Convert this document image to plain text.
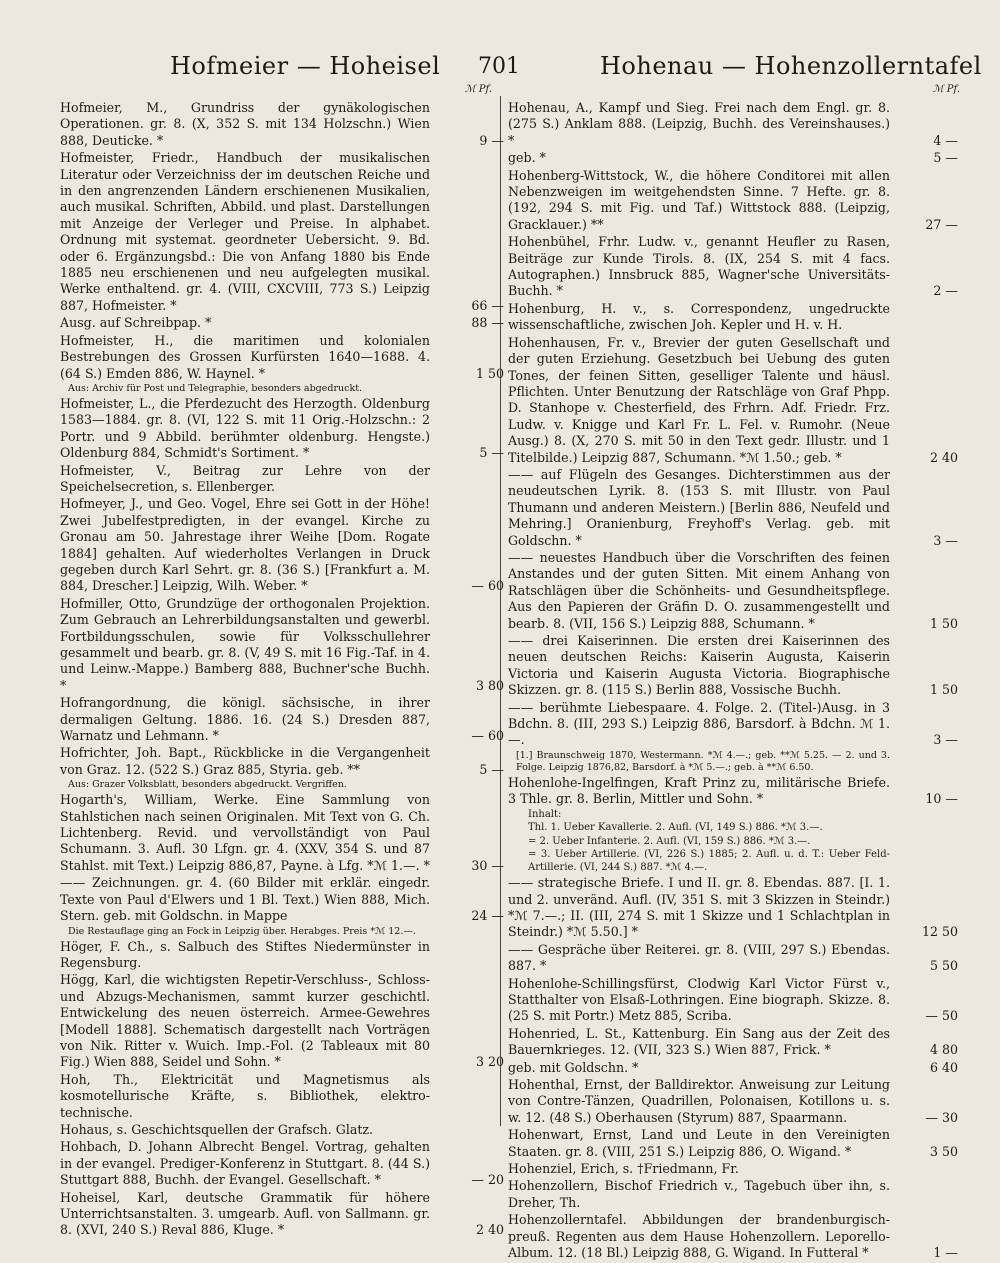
Hofmeier — Hoheisel 701	Hohenau — Hohenzollerntafel
ℳ Pf.
Hofmeier, M., Grundriss der gynäkologischen Operationen. gr. 8. (X, 352 S. mit 134 Holzschn.) Wien 888, Deuticke. *	9 —
Hofmeister, Friedr., Handbuch der musikalischen Literatur oder Verzeichniss der im deutschen Reiche und in den angrenzenden Ländern erschienenen Musikalien, auch musikal. Schriften, Abbild. und plast. Darstellungen mit Anzeige der Verleger und Preise. In alphabet. Ordnung mit systemat. geordneter Uebersicht. 9. Bd. oder 6. Ergänzungsbd.: Die von Anfang 1880 bis Ende 1885 neu erschienenen und neu aufgelegten musikal. Werke enthaltend. gr. 4. (VIII, CXCVIII, 773 S.) Leipzig 887, Hofmeister. *	66 —
Ausg. auf Schreibpap. *	88 —
Hofmeister, H., die maritimen und kolonialen Bestrebungen des Grossen Kurfürsten 1640—1688. 4. (64 S.) Emden 886, W. Haynel. *	1 50
Aus: Archiv für Post und Telegraphie, besonders abgedruckt.
Hofmeister, L., die Pferdezucht des Herzogth. Oldenburg 1583—1884. gr. 8. (VI, 122 S. mit 11 Orig.-Holzschn.: 2 Portr. und 9 Abbild. berühmter oldenburg. Hengste.) Oldenburg 884, Schmidt's Sortiment. *	5 —
Hofmeister, V., Beitrag zur Lehre von der Speichelsecretion, s. Ellenberger.
Hofmeyer, J., und Geo. Vogel, Ehre sei Gott in der Höhe! Zwei Jubelfestpredigten, in der evangel. Kirche zu Gronau am 50. Jahrestage ihrer Weihe [Dom. Rogate 1884] gehalten. Auf wiederholtes Verlangen in Druck gegeben durch Karl Sehrt. gr. 8. (36 S.) [Frankfurt a. M. 884, Drescher.] Leipzig, Wilh. Weber. *	— 60
Hofmiller, Otto, Grundzüge der orthogonalen Projektion. Zum Gebrauch an Lehrerbildungsanstalten und gewerbl. Fortbildungsschulen, sowie für Volksschullehrer gesammelt und bearb. gr. 8. (V, 49 S. mit 16 Fig.-Taf. in 4. und Leinw.-Mappe.) Bamberg 888, Buchner'sche Buchh. *	3 80
Hofrangordnung, die königl. sächsische, in ihrer dermaligen Geltung. 1886. 16. (24 S.) Dresden 887, Warnatz und Lehmann. *	— 60
Hofrichter, Joh. Bapt., Rückblicke in die Vergangenheit von Graz. 12. (522 S.) Graz 885, Styria. geb. **	5 —
Aus: Grazer Volksblatt, besonders abgedruckt. Vergriffen.
Hogarth's, William, Werke. Eine Sammlung von Stahlstichen nach seinen Originalen. Mit Text von G. Ch. Lichtenberg. Revid. und vervollständigt von Paul Schumann. 3. Aufl. 30 Lfgn. gr. 4. (XXV, 354 S. und 87 Stahlst. mit Text.) Leipzig 886,87, Payne. à Lfg. *ℳ 1.—. *	30 —
—— Zeichnungen. gr. 4. (60 Bilder mit erklär. eingedr. Texte von Paul d'Elwers und 1 Bl. Text.) Wien 888, Mich. Stern. geb. mit Goldschn. in Mappe	24 —
Die Restauflage ging an Fock in Leipzig über. Herabges. Preis *ℳ 12.—.
Höger, F. Ch., s. Salbuch des Stiftes Niedermünster in Regensburg.
Högg, Karl, die wichtigsten Repetir-Verschluss-, Schloss- und Abzugs-Mechanismen, sammt kurzer geschichtl. Entwickelung des neuen österreich. Armee-Gewehres [Modell 1888]. Schematisch dargestellt nach Vorträgen von Nik. Ritter v. Wuich. Imp.-Fol. (2 Tableaux mit 80 Fig.) Wien 888, Seidel und Sohn. *	3 20
Hoh, Th., Elektricität und Magnetismus als kosmotellurische Kräfte, s. Bibliothek, elektro-technische.
Hohaus, s. Geschichtsquellen der Grafsch. Glatz.
Hohbach, D. Johann Albrecht Bengel. Vortrag, gehalten in der evangel. Prediger-Konferenz in Stuttgart. 8. (44 S.) Stuttgart 888, Buchh. der Evangel. Gesellschaft. *	— 20
Hoheisel, Karl, deutsche Grammatik für höhere Unterrichtsanstalten. 3. umgearb. Aufl. von Sallmann. gr. 8. (XVI, 240 S.) Reval 886, Kluge. *	2 40
ℳ Pf.
Hohenau, A., Kampf und Sieg. Frei nach dem Engl. gr. 8. (275 S.) Anklam 888. (Leipzig, Buchh. des Vereinshauses.) *	4 —
geb. *	5 —
Hohenberg-Wittstock, W., die höhere Conditorei mit allen Nebenzweigen im weitgehendsten Sinne. 7 Hefte. gr. 8. (192, 294 S. mit Fig. und Taf.) Wittstock 888. (Leipzig, Gracklauer.) **	27 —
Hohenbühel, Frhr. Ludw. v., genannt Heufler zu Rasen, Beiträge zur Kunde Tirols. 8. (IX, 254 S. mit 4 facs. Autographen.) Innsbruck 885, Wagner'sche Universitäts-Buchh. *	2 —
Hohenburg, H. v., s. Correspondenz, ungedruckte wissenschaftliche, zwischen Joh. Kepler und H. v. H.
Hohenhausen, Fr. v., Brevier der guten Gesellschaft und der guten Erziehung. Gesetzbuch bei Uebung des guten Tones, der feinen Sitten, geselliger Talente und häusl. Pflichten. Unter Benutzung der Ratschläge von Graf Phpp. D. Stanhope v. Chesterfield, des Frhrn. Adf. Friedr. Frz. Ludw. v. Knigge und Karl Fr. L. Fel. v. Rumohr. (Neue Ausg.) 8. (X, 270 S. mit 50 in den Text gedr. Illustr. und 1 Titelbilde.) Leipzig 887, Schumann. *ℳ 1.50.; geb. *	2 40
—— auf Flügeln des Gesanges. Dichterstimmen aus der neudeutschen Lyrik. 8. (153 S. mit Illustr. von Paul Thumann und anderen Meistern.) [Berlin 886, Neufeld und Mehring.] Oranienburg, Freyhoff's Verlag. geb. mit Goldschn. *	3 —
—— neuestes Handbuch über die Vorschriften des feinen Anstandes und der guten Sitten. Mit einem Anhang von Ratschlägen über die Schönheits- und Gesundheitspflege. Aus den Papieren der Gräfin D. O. zusammengestellt und bearb. 8. (VII, 156 S.) Leipzig 888, Schumann. *	1 50
—— drei Kaiserinnen. Die ersten drei Kaiserinnen des neuen deutschen Reichs: Kaiserin Augusta, Kaiserin Victoria und Kaiserin Augusta Victoria. Biographische Skizzen. gr. 8. (115 S.) Berlin 888, Vossische Buchh.	1 50
—— berühmte Liebespaare. 4. Folge. 2. (Titel-)Ausg. in 3 Bdchn. 8. (III, 293 S.) Leipzig 886, Barsdorf. à Bdchn. ℳ 1.—.	3 —
[1.] Braunschweig 1870, Westermann. *ℳ 4.—.; geb. **ℳ 5.25. — 2. und 3. Folge. Leipzig 1876,82, Barsdorf. à *ℳ 5.—.; geb. à **ℳ 6.50.
Hohenlohe-Ingelfingen, Kraft Prinz zu, militärische Briefe. 3 Thle. gr. 8. Berlin, Mittler und Sohn. *	10 —
Inhalt:
Thl. 1. Ueber Kavallerie. 2. Aufl. (VI, 149 S.) 886. *ℳ 3.—.
= 2. Ueber Infanterie. 2. Aufl. (VI, 159 S.) 886. *ℳ 3.—.
= 3. Ueber Artillerie. (VI, 226 S.) 1885; 2. Aufl. u. d. T.: Ueber Feld-Artillerie. (VI, 244 S.) 887. *ℳ 4.—.
—— strategische Briefe. I und II. gr. 8. Ebendas. 887. [I. 1. und 2. unveränd. Aufl. (IV, 351 S. mit 3 Skizzen in Steindr.) *ℳ 7.—.; II. (III, 274 S. mit 1 Skizze und 1 Schlachtplan in Steindr.) *ℳ 5.50.] *	12 50
—— Gespräche über Reiterei. gr. 8. (VIII, 297 S.) Ebendas. 887. *	5 50
Hohenlohe-Schillingsfürst, Clodwig Karl Victor Fürst v., Statthalter von Elsaß-Lothringen. Eine biograph. Skizze. 8. (25 S. mit Portr.) Metz 885, Scriba.	— 50
Hohenried, L. St., Kattenburg. Ein Sang aus der Zeit des Bauernkrieges. 12. (VII, 323 S.) Wien 887, Frick. *	4 80
geb. mit Goldschn. *	6 40
Hohenthal, Ernst, der Balldirektor. Anweisung zur Leitung von Contre-Tänzen, Quadrillen, Polonaisen, Kotillons u. s. w. 12. (48 S.) Oberhausen (Styrum) 887, Spaarmann.	— 30
Hohenwart, Ernst, Land und Leute in den Vereinigten Staaten. gr. 8. (VIII, 251 S.) Leipzig 886, O. Wigand. *	3 50
Hohenziel, Erich, s. †Friedmann, Fr.
Hohenzollern, Bischof Friedrich v., Tagebuch über ihn, s. Dreher, Th.
Hohenzollerntafel. Abbildungen der brandenburgisch-preuß. Regenten aus dem Hause Hohenzollern. Leporello-Album. 12. (18 Bl.) Leipzig 888, G. Wigand. In Futteral *	1 —
